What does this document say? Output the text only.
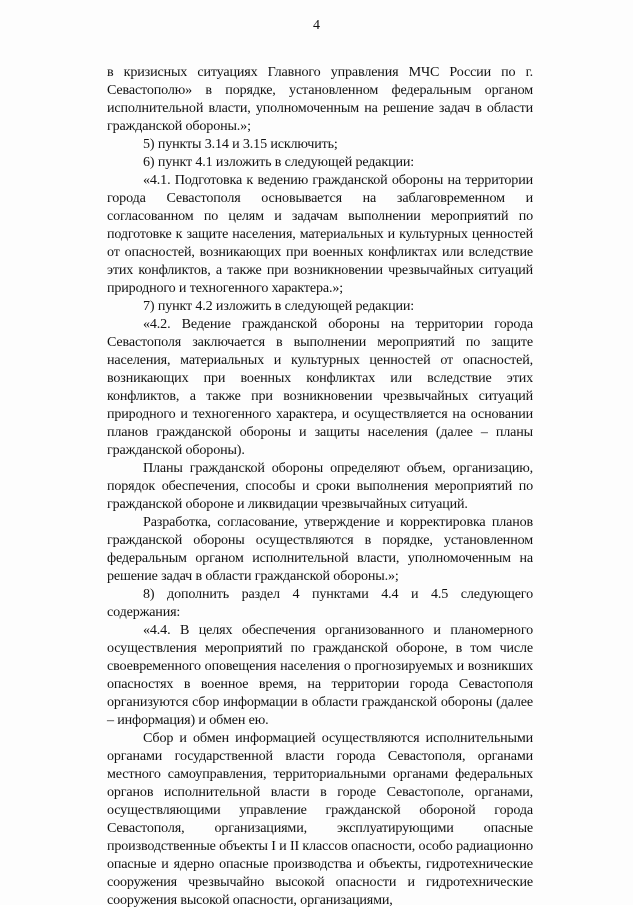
4

в кризисных ситуациях Главного управления МЧС России по г. Севастополю» в порядке, установленном федеральным органом исполнительной власти, уполномоченным на решение задач в области гражданской обороны.»;

5) пункты 3.14 и 3.15 исключить;

6) пункт 4.1 изложить в следующей редакции:

«4.1. Подготовка к ведению гражданской обороны на территории города Севастополя основывается на заблаговременном и согласованном по целям и задачам выполнении мероприятий по подготовке к защите населения, материальных и культурных ценностей от опасностей, возникающих при военных конфликтах или вследствие этих конфликтов, а также при возникновении чрезвычайных ситуаций природного и техногенного характера.»;

7) пункт 4.2 изложить в следующей редакции:

«4.2. Ведение гражданской обороны на территории города Севастополя заключается в выполнении мероприятий по защите населения, материальных и культурных ценностей от опасностей, возникающих при военных конфликтах или вследствие этих конфликтов, а также при возникновении чрезвычайных ситуаций природного и техногенного характера, и осуществляется на основании планов гражданской обороны и защиты населения (далее – планы гражданской обороны).

Планы гражданской обороны определяют объем, организацию, порядок обеспечения, способы и сроки выполнения мероприятий по гражданской обороне и ликвидации чрезвычайных ситуаций.

Разработка, согласование, утверждение и корректировка планов гражданской обороны осуществляются в порядке, установленном федеральным органом исполнительной власти, уполномоченным на решение задач в области гражданской обороны.»;

8) дополнить раздел 4 пунктами 4.4 и 4.5 следующего содержания:

«4.4. В целях обеспечения организованного и планомерного осуществления мероприятий по гражданской обороне, в том числе своевременного оповещения населения о прогнозируемых и возникших опасностях в военное время, на территории города Севастополя организуются сбор информации в области гражданской обороны (далее – информация) и обмен ею.

Сбор и обмен информацией осуществляются исполнительными органами государственной власти города Севастополя, органами местного самоуправления, территориальными органами федеральных органов исполнительной власти в городе Севастополе, органами, осуществляющими управление гражданской обороной города Севастополя, организациями, эксплуатирующими опасные производственные объекты I и II классов опасности, особо радиационно опасные и ядерно опасные производства и объекты, гидротехнические сооружения чрезвычайно высокой опасности и гидротехнические сооружения высокой опасности, организациями,
